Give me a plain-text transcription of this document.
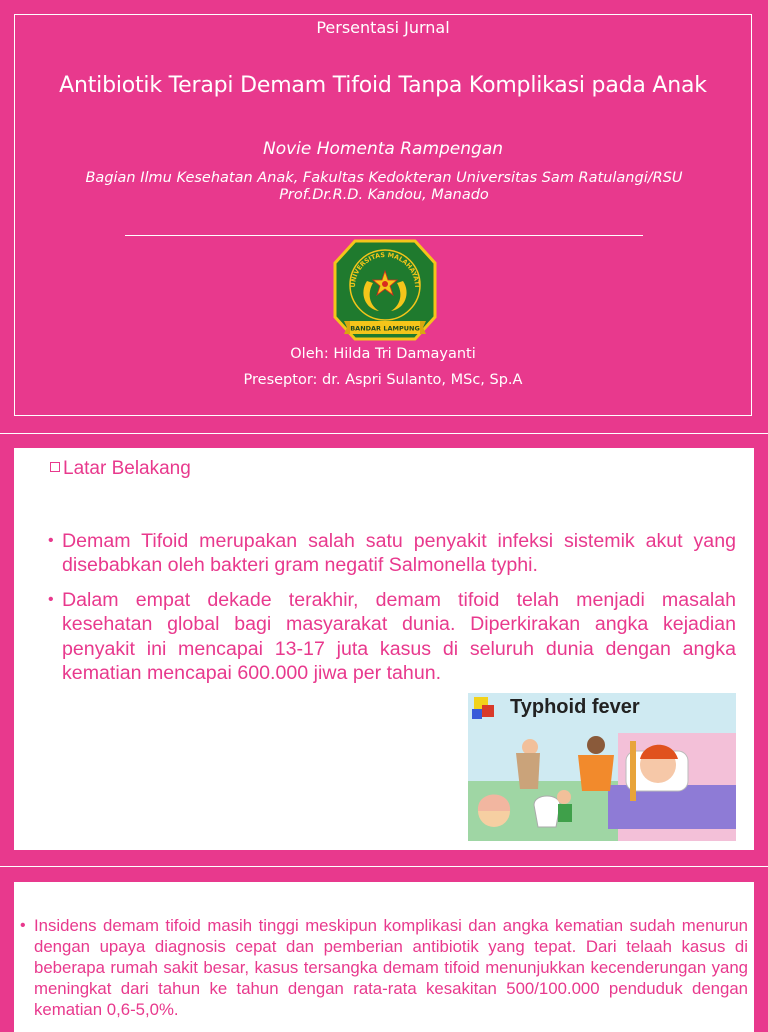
Persentasi Jurnal
Antibiotik Terapi Demam Tifoid Tanpa Komplikasi pada Anak
Novie Homenta Rampengan
Bagian Ilmu Kesehatan Anak, Fakultas Kedokteran Universitas Sam Ratulangi/RSU
Prof.Dr.R.D. Kandou, Manado
UNIVERSITAS MALAHAYATI
BANDAR LAMPUNG
Oleh: Hilda Tri Damayanti
Preseptor: dr. Aspri Sulanto, MSc, Sp.A
Latar Belakang
• Demam Tifoid merupakan salah satu penyakit infeksi sistemik akut yang disebabkan oleh bakteri gram negatif Salmonella typhi.
• Dalam empat dekade terakhir, demam tifoid telah menjadi masalah kesehatan global bagi masyarakat dunia. Diperkirakan angka kejadian penyakit ini mencapai 13-17 juta kasus di seluruh dunia dengan angka kematian mencapai 600.000 jiwa per tahun.
Typhoid fever
• Insidens demam tifoid masih tinggi meskipun komplikasi dan angka kematian sudah menurun dengan upaya diagnosis cepat dan pemberian antibiotik yang tepat. Dari telaah kasus di beberapa rumah sakit besar, kasus tersangka demam tifoid menunjukkan kecenderungan yang meningkat dari tahun ke tahun dengan rata-rata kesakitan 500/100.000 penduduk dengan kematian 0,6-5,0%.
